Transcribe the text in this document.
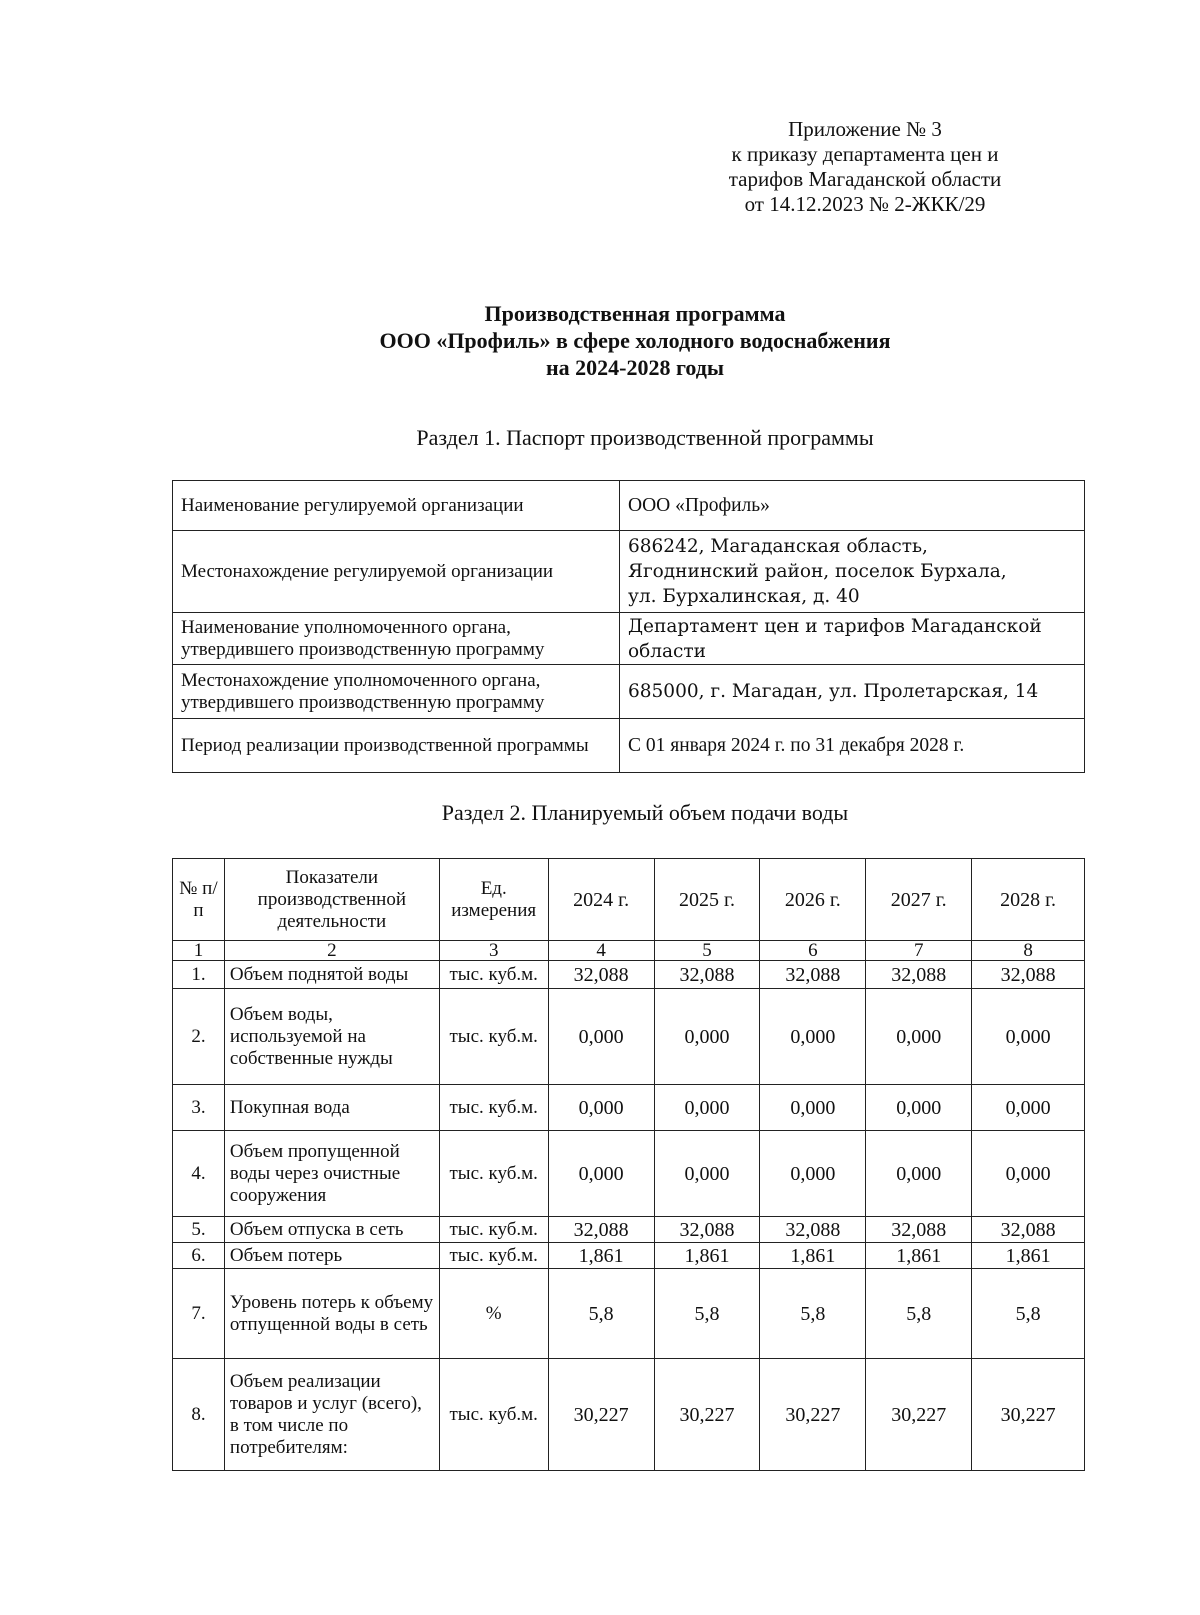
Приложение № 3
к приказу департамента цен и
тарифов Магаданской области
от 14.12.2023 № 2-ЖКК/29
Производственная программа
ООО «Профиль» в сфере холодного водоснабжения
на 2024-2028 годы
Раздел 1. Паспорт производственной программы
Наименование регулируемой организации	ООО «Профиль»
Местонахождение регулируемой организации	686242, Магаданская область,
Ягоднинский район, поселок Бурхала,
ул. Бурхалинская, д. 40

Наименование уполномоченного органа, утвердившего производственную программу	Департамент цен и тарифов Магаданской области
Местонахождение уполномоченного органа, утвердившего производственную программу	685000, г. Магадан, ул. Пролетарская, 14
Период реализации производственной программы	С 01 января 2024 г. по 31 декабря 2028 г.
Раздел 2. Планируемый объем подачи воды
№ п/п	Показатели производственной деятельности	Ед. измерения	2024 г.	2025 г.	2026 г.	2027 г.	2028 г.
1	2	3	4	5	6	7	8
1.	Объем поднятой воды	тыс. куб.м.	32,088	32,088	32,088	32,088	32,088
2.	Объем воды, используемой на собственные нужды	тыс. куб.м.	0,000	0,000	0,000	0,000	0,000
3.	Покупная вода	тыс. куб.м.	0,000	0,000	0,000	0,000	0,000
4.	Объем пропущенной воды через очистные сооружения	тыс. куб.м.	0,000	0,000	0,000	0,000	0,000
5.	Объем отпуска в сеть	тыс. куб.м.	32,088	32,088	32,088	32,088	32,088
6.	Объем потерь	тыс. куб.м.	1,861	1,861	1,861	1,861	1,861
7.	Уровень потерь к объему отпущенной воды в сеть	%	5,8	5,8	5,8	5,8	5,8
8.	Объем реализации товаров и услуг (всего), в том числе по потребителям:	тыс. куб.м.	30,227	30,227	30,227	30,227	30,227
